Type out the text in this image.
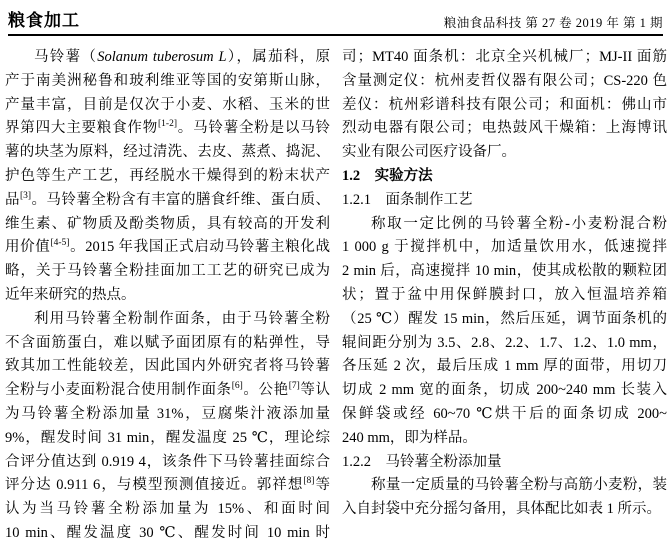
粮食加工	粮油食品科技 第 27 卷 2019 年 第 1 期
马铃薯（Solanum tuberosum L），属茄科，原
产于南美洲秘鲁和玻利维亚等国的安第斯山脉，
产量丰富，目前是仅次于小麦、水稻、玉米的世
界第四大主要粮食作物[1-2]。马铃薯全粉是以马铃
薯的块茎为原料，经过清洗、去皮、蒸煮、捣泥、
护色等生产工艺，再经脱水干燥得到的粉末状产
品[3]。马铃薯全粉含有丰富的膳食纤维、蛋白质、
维生素、矿物质及酚类物质，具有较高的开发利
用价值[4-5]。2015 年我国正式启动马铃薯主粮化战
略，关于马铃薯全粉挂面加工工艺的研究已成为
近年来研究的热点。
利用马铃薯全粉制作面条，由于马铃薯全粉
不含面筋蛋白，难以赋予面团原有的粘弹性，导
致其加工性能较差，因此国内外研究者将马铃薯
全粉与小麦面粉混合使用制作面条[6]。公艳[7]等认
为马铃薯全粉添加量 31%，豆腐柴汁液添加量
9%，醒发时间 31 min，醒发温度 25 ℃，理论综
合评分值达到 0.919 4，该条件下马铃薯挂面综合
评分达 0.911 6，与模型预测值接近。郭祥想[8]等
认为当马铃薯全粉添加量为 15%、和面时间
10 min、醒发温度 30 ℃、醒发时间 10 min 时
司；MT40 面条机：北京全兴机械厂；MJ-II 面筋
含量测定仪：杭州麦哲仪器有限公司；CS-220 色
差仪：杭州彩谱科技有限公司；和面机：佛山市
烈动电器有限公司；电热鼓风干燥箱：上海博讯
实业有限公司医疗设备厂。
1.2　实验方法
1.2.1　面条制作工艺
称取一定比例的马铃薯全粉-小麦粉混合粉
1 000 g 于搅拌机中，加适量饮用水，低速搅拌
2 min 后，高速搅拌 10 min，使其成松散的颗粒团
状；置于盆中用保鲜膜封口，放入恒温培养箱
（25 ℃）醒发 15 min，然后压延，调节面条机的
辊间距分别为 3.5、2.8、2.2、1.7、1.2、1.0 mm，
各压延 2 次，最后压成 1 mm 厚的面带，用切刀
切成 2 mm 宽的面条，切成 200~240 mm 长装入
保鲜袋或经 60~70 ℃烘干后的面条切成 200~
240 mm，即为样品。
1.2.2　马铃薯全粉添加量
称量一定质量的马铃薯全粉与高筋小麦粉，装
入自封袋中充分摇匀备用，具体配比如表 1 所示。
